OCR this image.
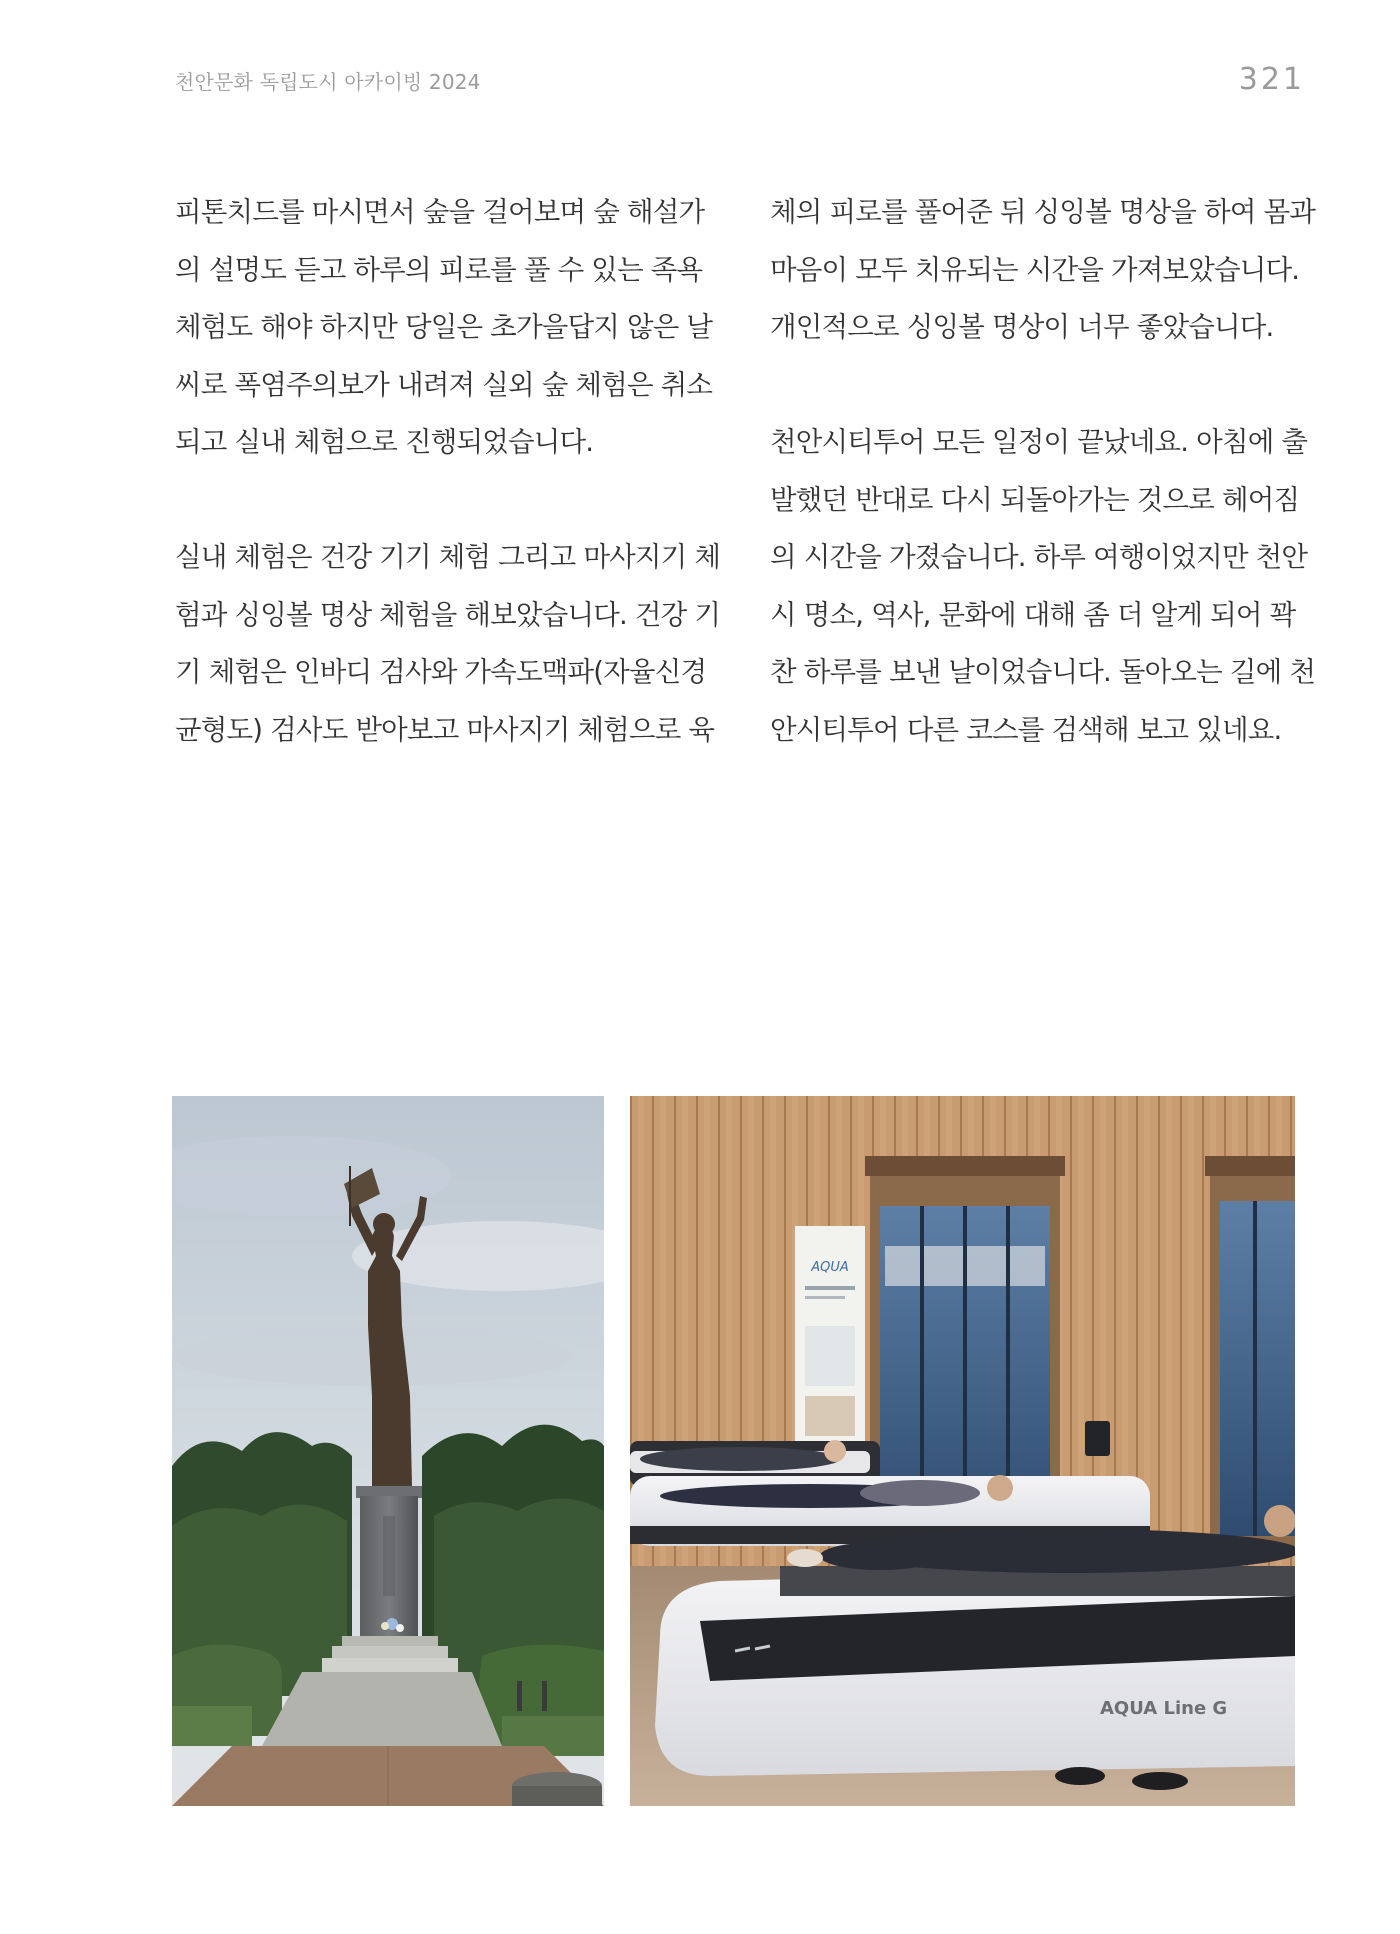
천안문화 독립도시 아카이빙 2024	321

피톤치드를 마시면서 숲을 걸어보며 숲 해설가
의 설명도 듣고 하루의 피로를 풀 수 있는 족욕
체험도 해야 하지만 당일은 초가을답지 않은 날
씨로 폭염주의보가 내려져 실외 숲 체험은 취소
되고 실내 체험으로 진행되었습니다.

실내 체험은 건강 기기 체험 그리고 마사지기 체
험과 싱잉볼 명상 체험을 해보았습니다. 건강 기
기 체험은 인바디 검사와 가속도맥파(자율신경
균형도) 검사도 받아보고 마사지기 체험으로 육

체의 피로를 풀어준 뒤 싱잉볼 명상을 하여 몸과
마음이 모두 치유되는 시간을 가져보았습니다.
개인적으로 싱잉볼 명상이 너무 좋았습니다.

천안시티투어 모든 일정이 끝났네요. 아침에 출
발했던 반대로 다시 되돌아가는 것으로 헤어짐
의 시간을 가졌습니다. 하루 여행이었지만 천안
시 명소, 역사, 문화에 대해 좀 더 알게 되어 꽉
찬 하루를 보낸 날이었습니다. 돌아오는 길에 천
안시티투어 다른 코스를 검색해 보고 있네요.

AQUA
AQUA Line G
